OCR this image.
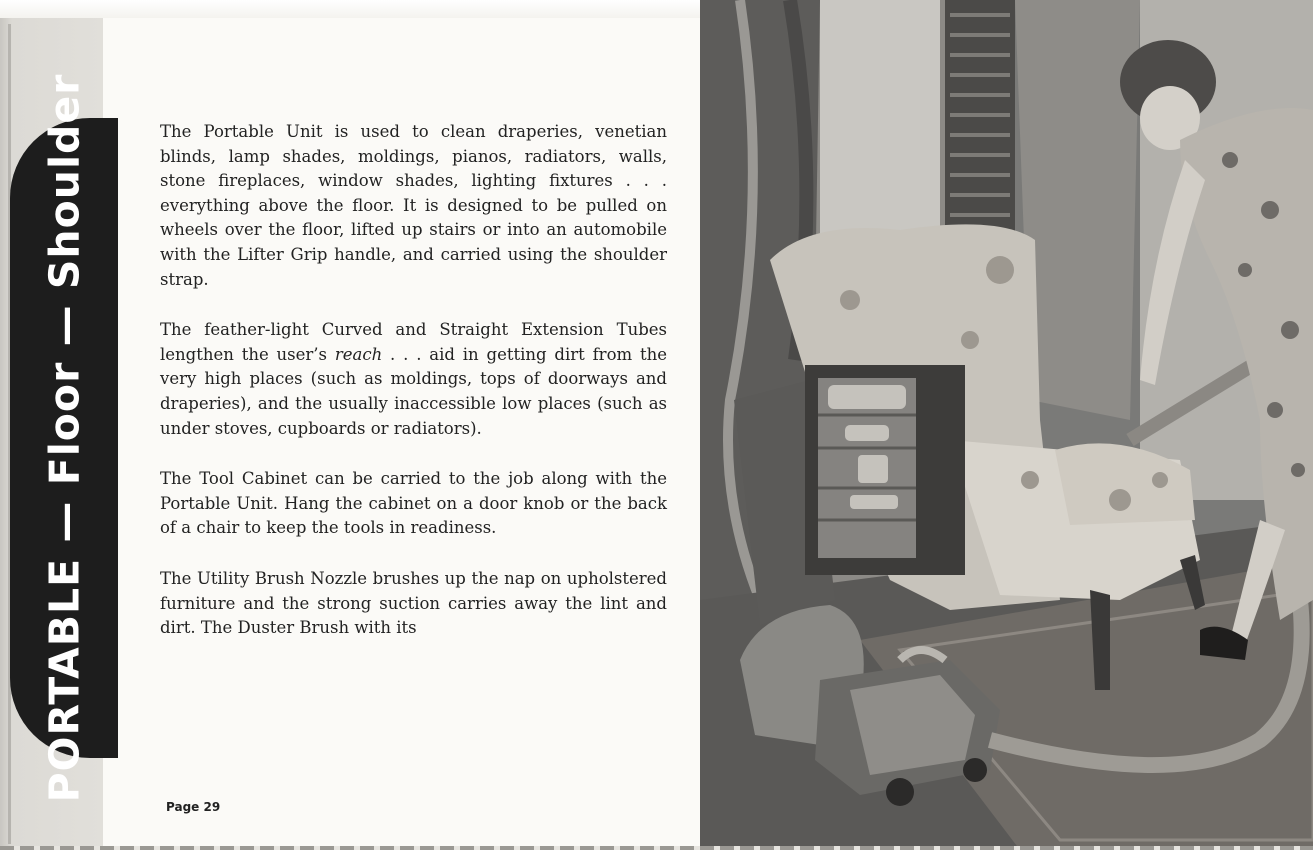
The Portable Unit is used to clean draperies, venetian blinds, lamp shades, moldings, pianos, radiators, walls, stone fireplaces, window shades, lighting fixtures . . . everything above the floor. It is designed to be pulled on wheels over the floor, lifted up stairs or into an automobile with the Lifter Grip handle, and carried using the shoulder strap.

The feather-light Curved and Straight Extension Tubes lengthen the user’s reach . . . aid in getting dirt from the very high places (such as moldings, tops of doorways and draperies), and the usually inaccessible low places (such as under stoves, cupboards or radiators).

The Tool Cabinet can be carried to the job along with the Portable Unit. Hang the cabinet on a door knob or the back of a chair to keep the tools in readiness.

The Utility Brush Nozzle brushes up the nap on upholstered furniture and the strong suction carries away the lint and dirt. The Duster Brush with its

Page 29
PORTABLE — Floor — Shoulder
